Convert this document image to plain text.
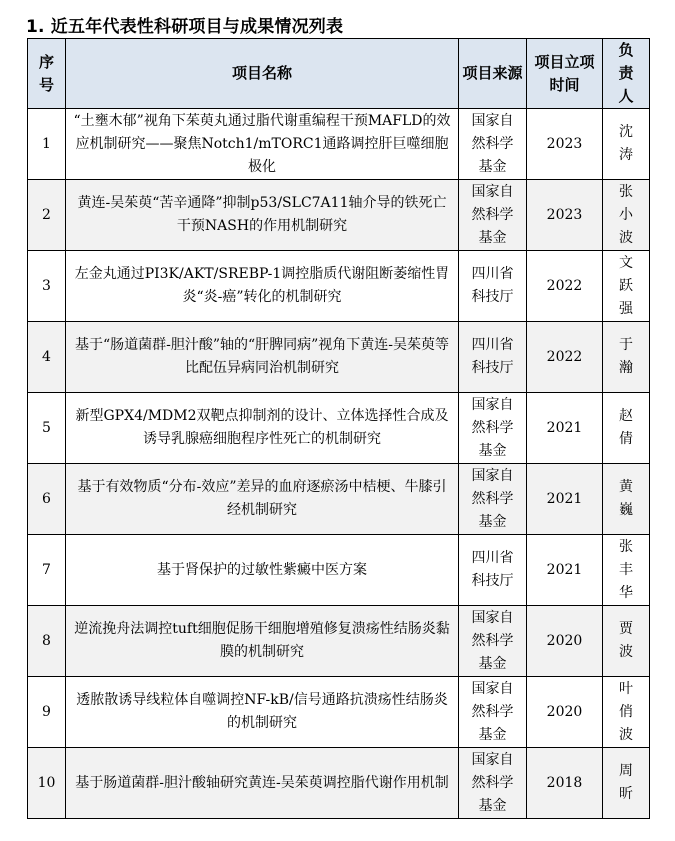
1. 近五年代表性科研项目与成果情况列表
序号	项目名称	项目来源	项目立项时间	负责人
1	“土壅木郁”视角下茱萸丸通过脂代谢重编程干预MAFLD的效应机制研究——聚焦Notch1/mTORC1通路调控肝巨噬细胞极化	国家自然科学基金	2023	沈涛
2	黄连-吴茱萸“苦辛通降”抑制p53/SLC7A11轴介导的铁死亡干预NASH的作用机制研究	国家自然科学基金	2023	张小波
3	左金丸通过PI3K/AKT/SREBP-1调控脂质代谢阻断萎缩性胃炎“炎-癌”转化的机制研究	四川省科技厅	2022	文跃强
4	基于“肠道菌群-胆汁酸”轴的“肝脾同病”视角下黄连-吴茱萸等比配伍异病同治机制研究	四川省科技厅	2022	于瀚
5	新型GPX4/MDM2双靶点抑制剂的设计、立体选择性合成及诱导乳腺癌细胞程序性死亡的机制研究	国家自然科学基金	2021	赵倩
6	基于有效物质“分布-效应”差异的血府逐瘀汤中桔梗、牛膝引经机制研究	国家自然科学基金	2021	黄巍
7	基于肾保护的过敏性紫癜中医方案	四川省科技厅	2021	张丰华
8	逆流挽舟法调控tuft细胞促肠干细胞增殖修复溃疡性结肠炎黏膜的机制研究	国家自然科学基金	2020	贾波
9	透脓散诱导线粒体自噬调控NF-kB/信号通路抗溃疡性结肠炎的机制研究	国家自然科学基金	2020	叶俏波
10	基于肠道菌群-胆汁酸轴研究黄连-吴茱萸调控脂代谢作用机制	国家自然科学基金	2018	周昕
